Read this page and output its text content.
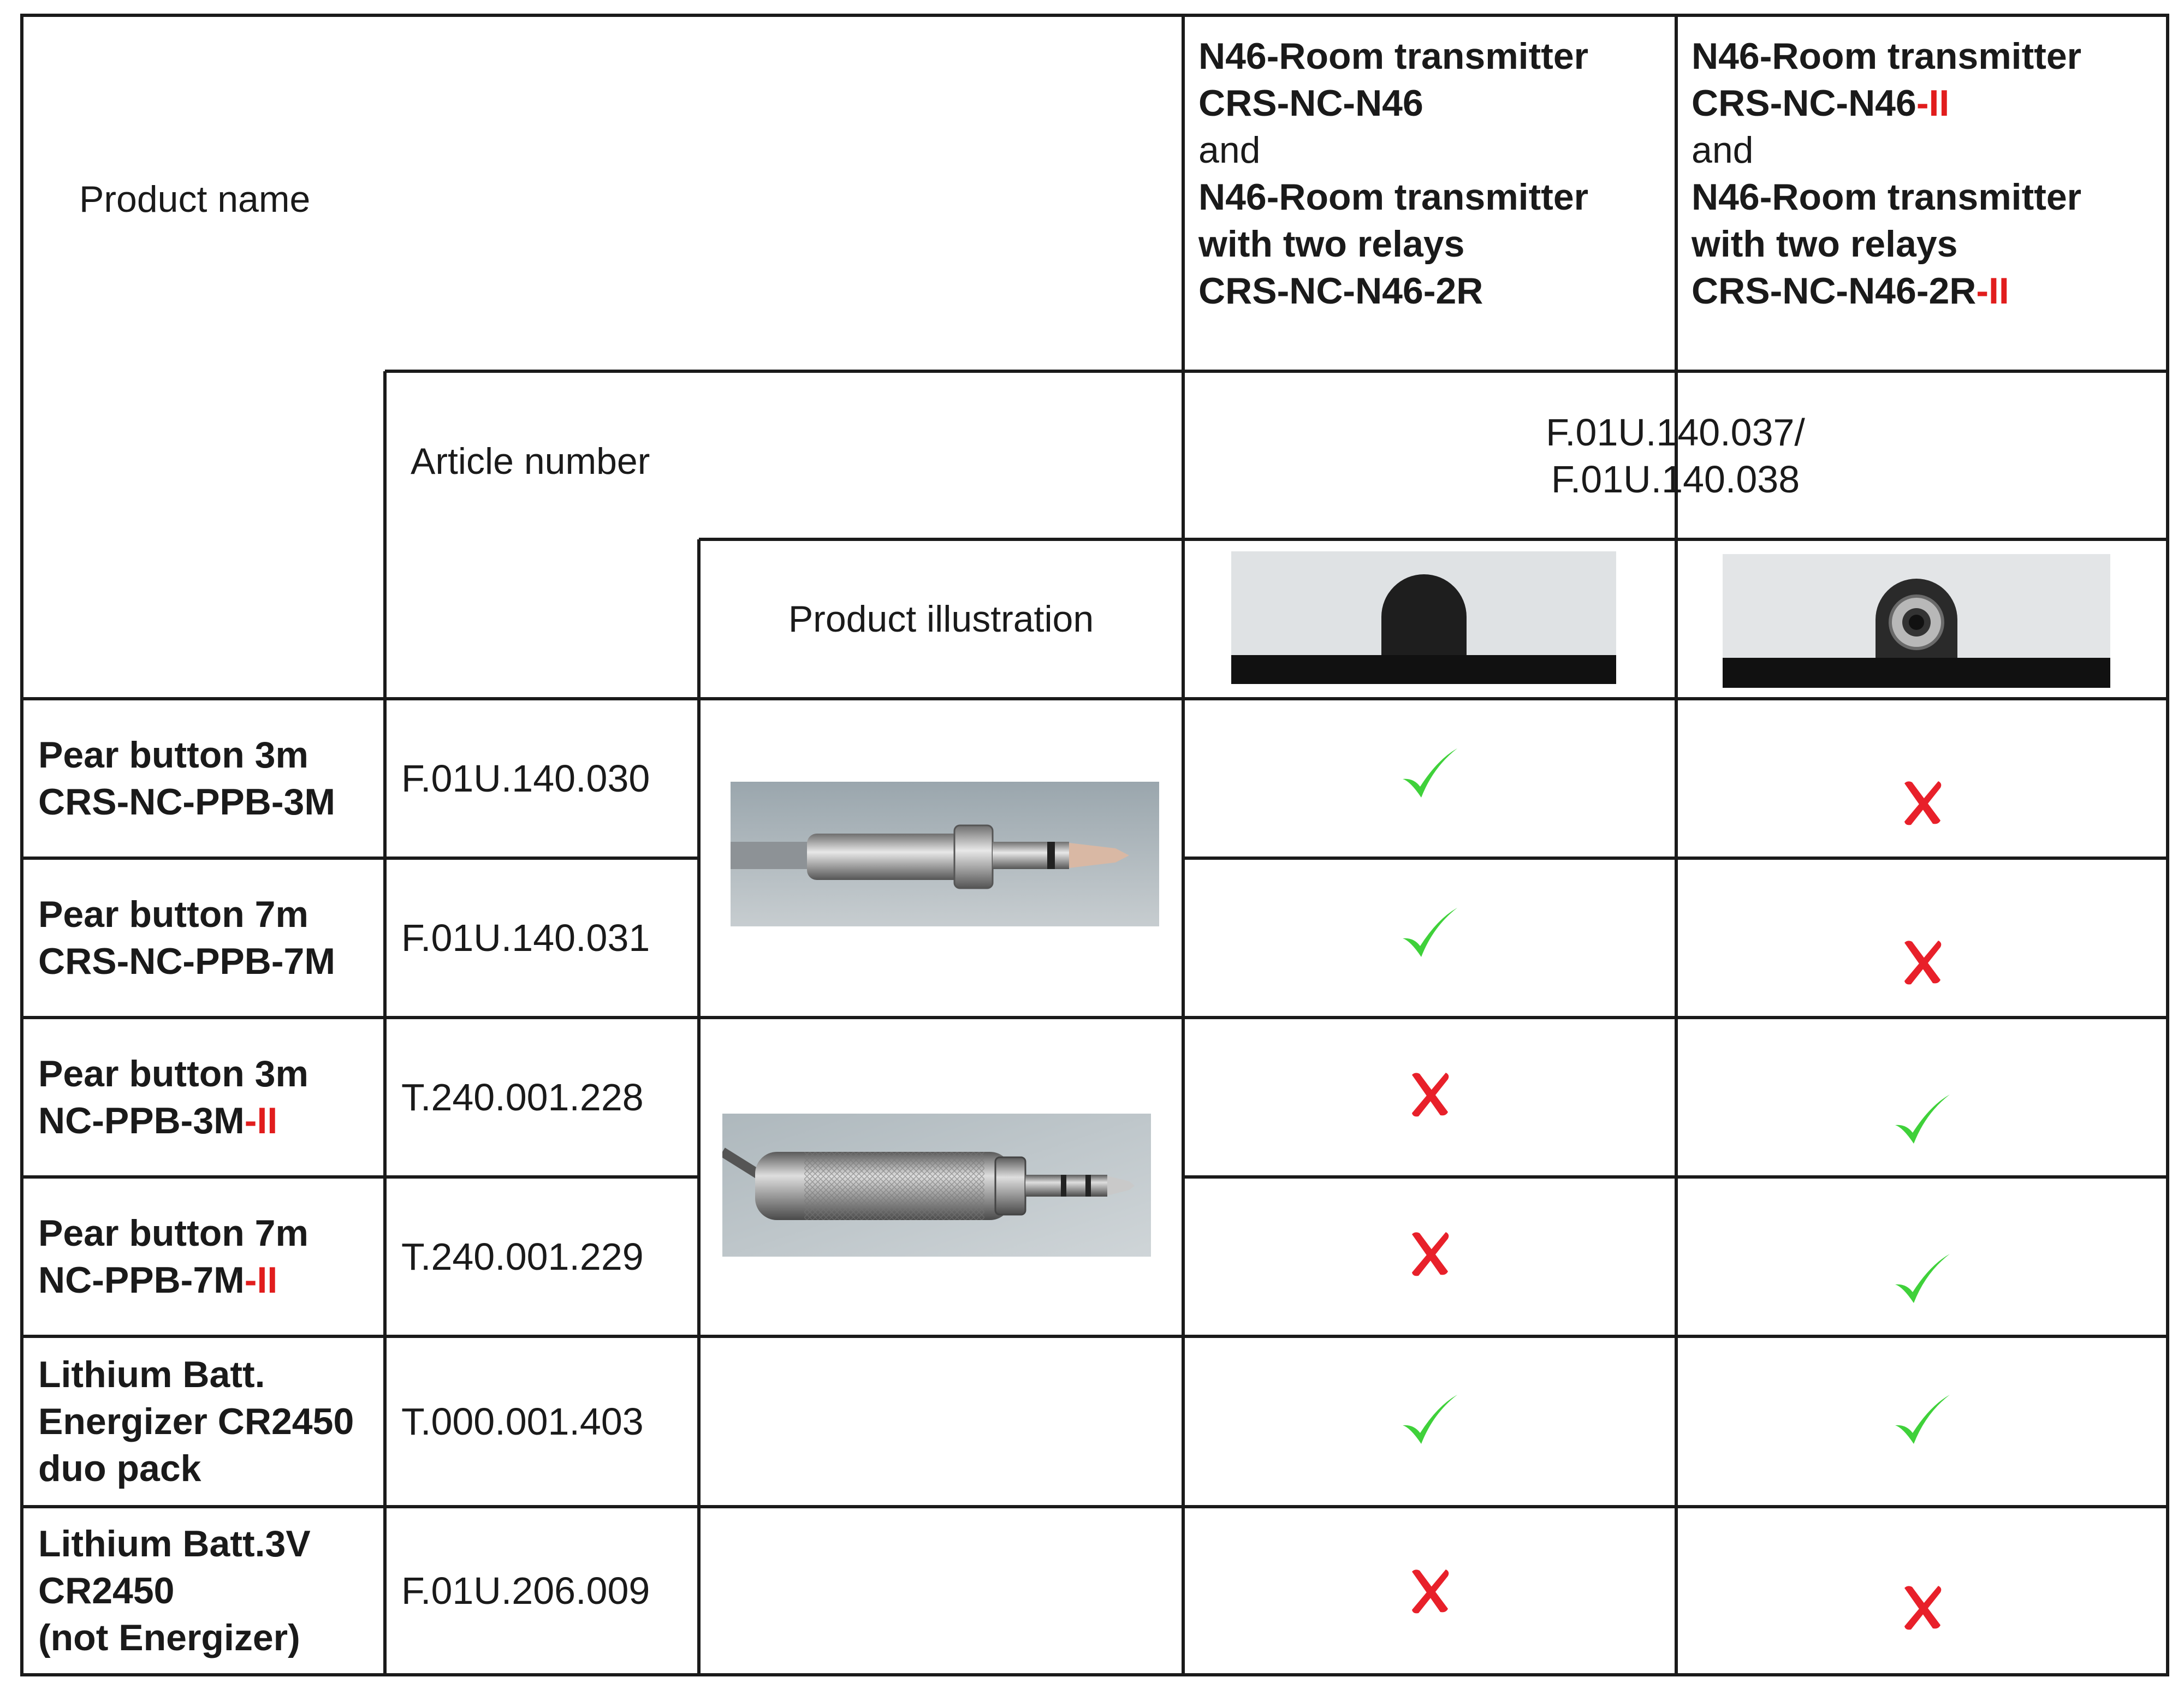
Product name
Article number
Product illustration
N46-Room transmitter
CRS-NC-N46
and
N46-Room transmitter
with two relays
CRS-NC-N46-2R
N46-Room transmitter
CRS-NC-N46-II
and
N46-Room transmitter
with two relays
CRS-NC-N46-2R-II
F.01U.140.037/
F.01U.140.038
Pear button 3m
CRS-NC-PPB-3M
F.01U.140.030
Pear button 7m
CRS-NC-PPB-7M
F.01U.140.031
Pear button 3m
NC-PPB-3M-II
T.240.001.228
Pear button 7m
NC-PPB-7M-II
T.240.001.229
Lithium Batt.
Energizer CR2450
duo pack
T.000.001.403
Lithium Batt.3V
CR2450
(not Energizer)
F.01U.206.009
